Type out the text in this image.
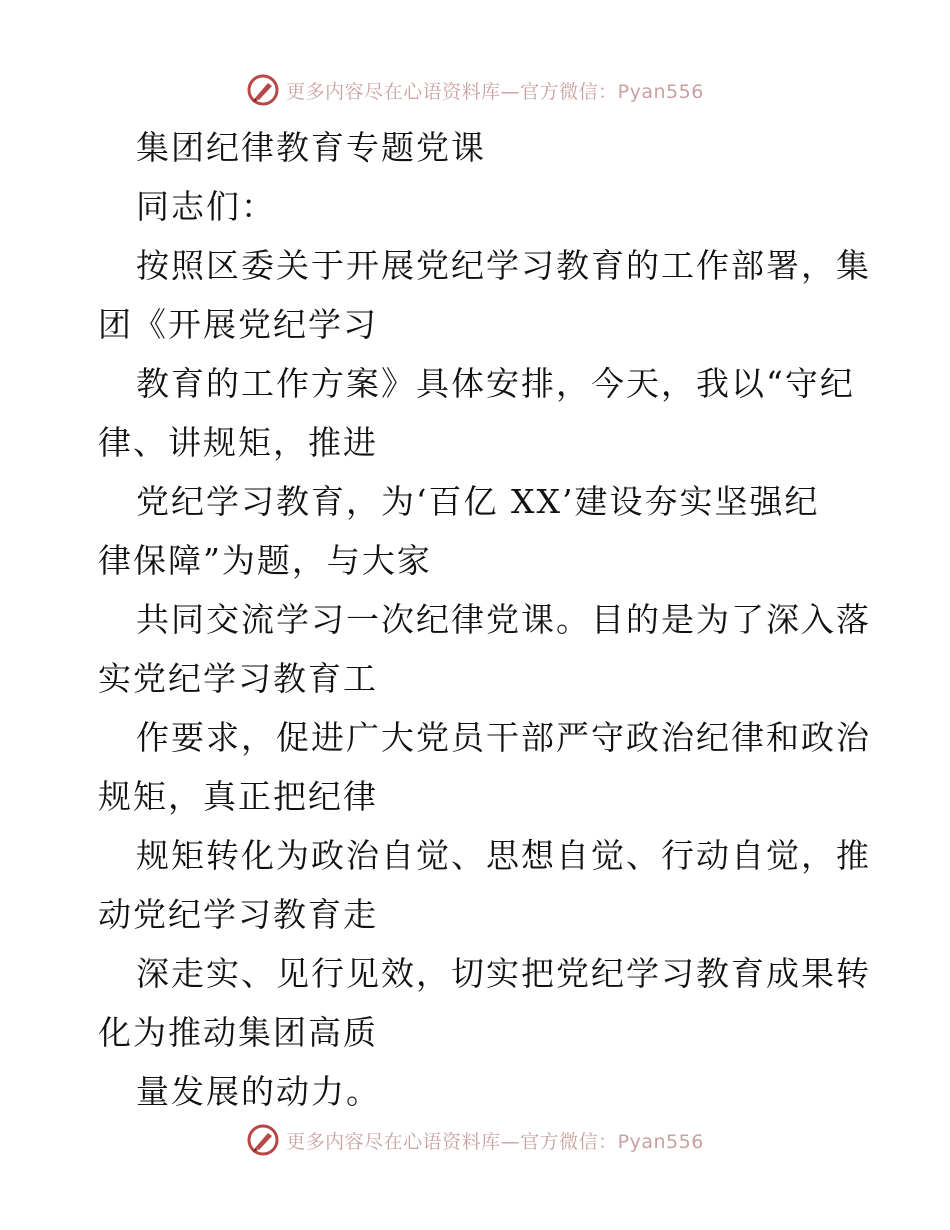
更多内容尽在心语资料库—官方微信：Pyan556
集团纪律教育专题党课
同志们：
按照区委关于开展党纪学习教育的工作部署，集
团《开展党纪学习
教育的工作方案》具体安排，今天，我以“守纪
律、讲规矩，推进
党纪学习教育，为‘百亿 XX’建设夯实坚强纪
律保障”为题，与大家
共同交流学习一次纪律党课。目的是为了深入落
实党纪学习教育工
作要求，促进广大党员干部严守政治纪律和政治
规矩，真正把纪律
规矩转化为政治自觉、思想自觉、行动自觉，推
动党纪学习教育走
深走实、见行见效，切实把党纪学习教育成果转
化为推动集团高质
量发展的动力。
更多内容尽在心语资料库—官方微信：Pyan556
